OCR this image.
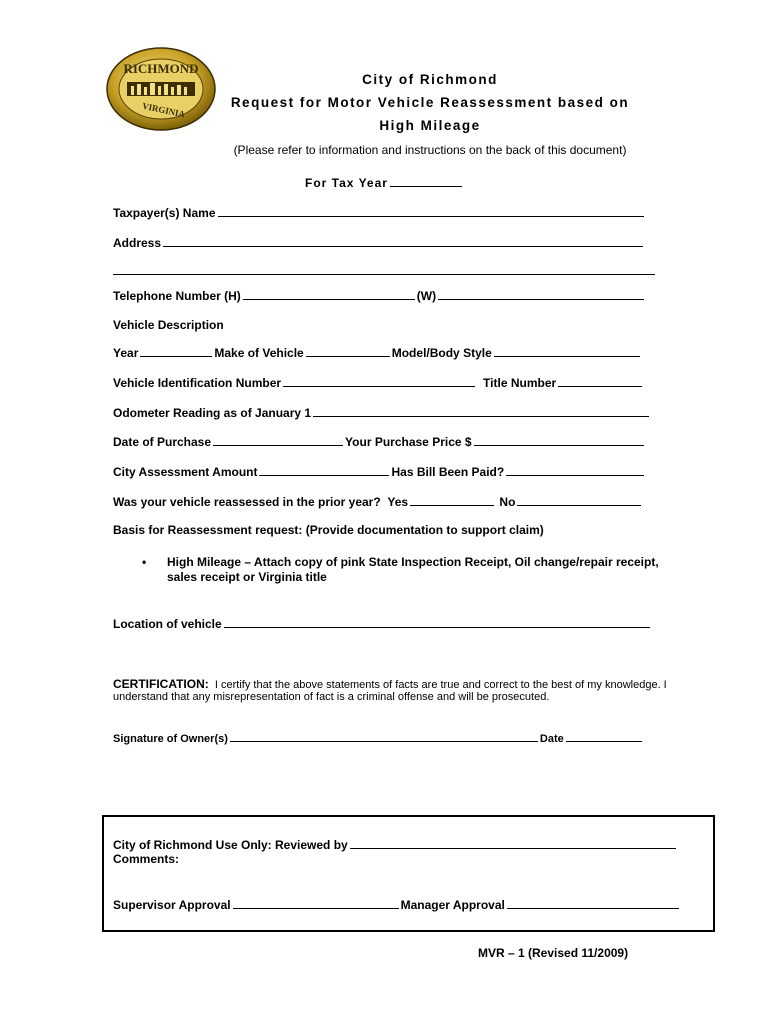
RICHMOND
VIRGINIA
City of Richmond
Request for Motor Vehicle Reassessment based on
High Mileage
(Please refer to information and instructions on the back of this document)
For Tax Year
Taxpayer(s) Name
Address
Telephone Number (H)	(W)
Vehicle Description
Year	Make of Vehicle	Model/Body Style
Vehicle Identification Number	Title Number
Odometer Reading as of January 1
Date of Purchase	Your Purchase Price $
City Assessment Amount	Has Bill Been Paid?
Was your vehicle reassessed in the prior year? Yes	No
Basis for Reassessment request: (Provide documentation to support claim)
• High Mileage – Attach copy of pink State Inspection Receipt, Oil change/repair receipt,
sales receipt or Virginia title
Location of vehicle
CERTIFICATION: I certify that the above statements of facts are true and correct to the best of my knowledge. I
understand that any misrepresentation of fact is a criminal offense and will be prosecuted.
Signature of Owner(s)	Date
City of Richmond Use Only: Reviewed by
Comments:
Supervisor Approval	Manager Approval
MVR – 1 (Revised 11/2009)
